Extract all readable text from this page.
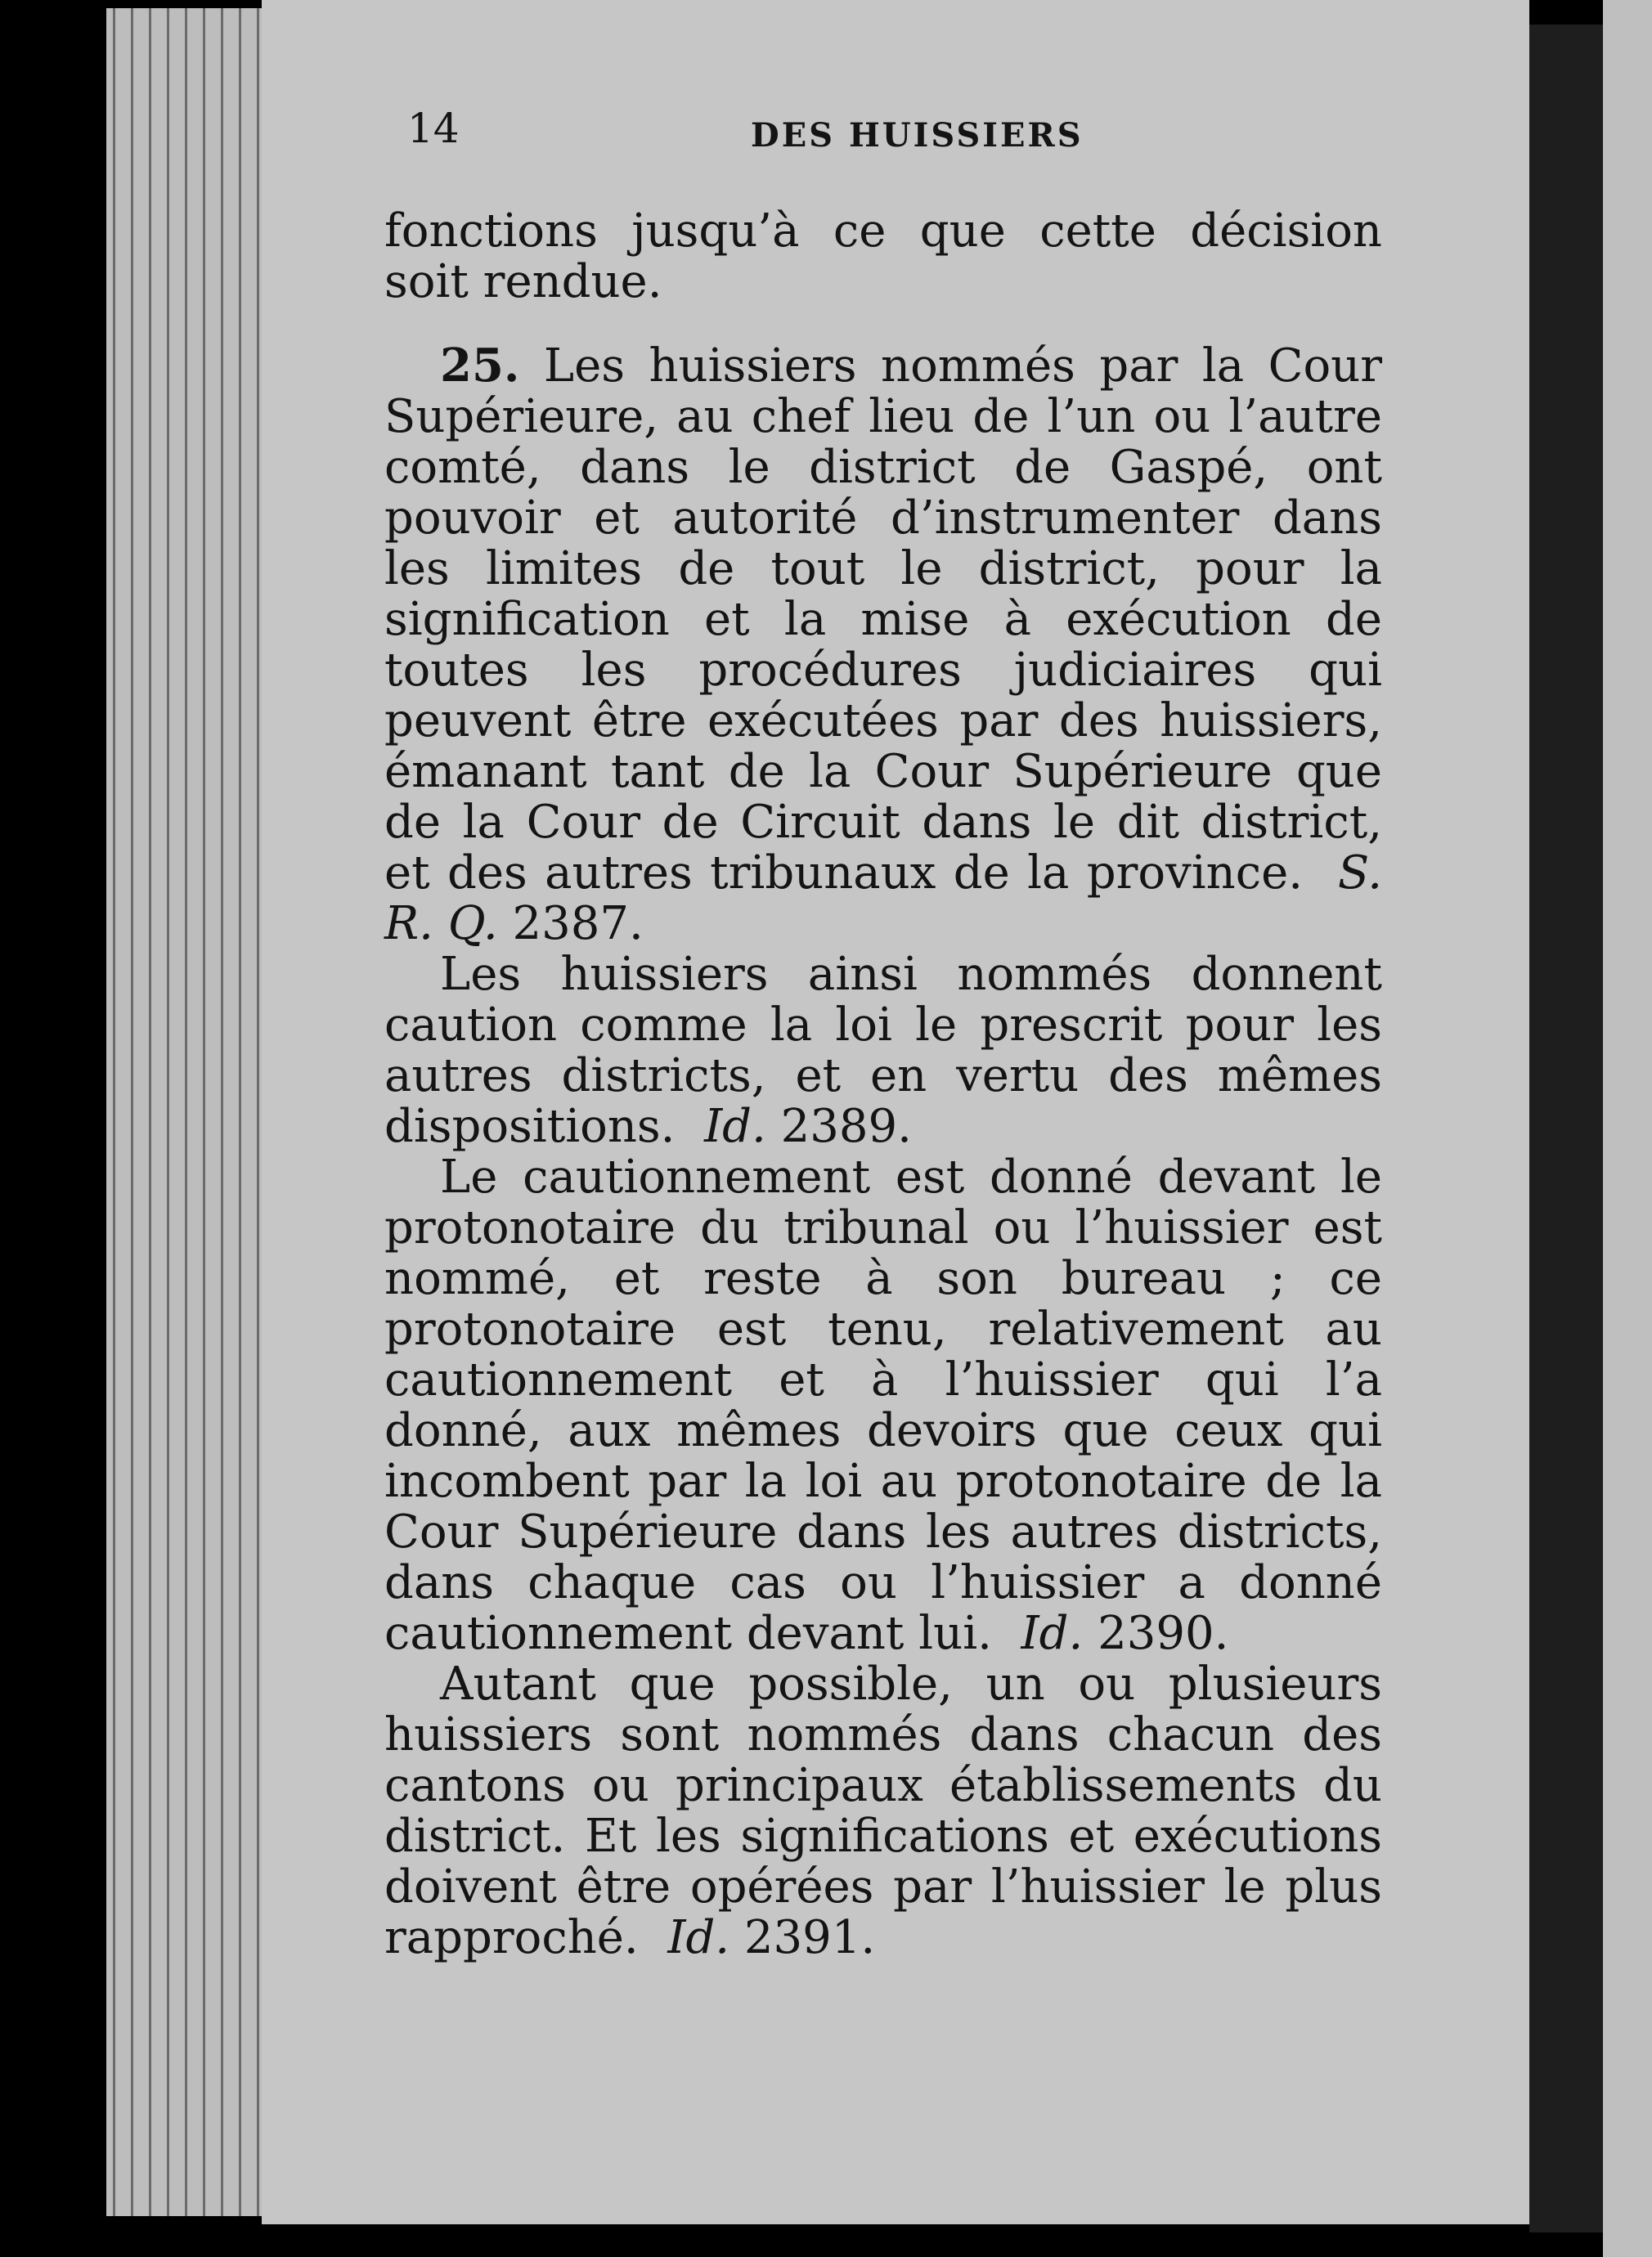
14	DES HUISSIERS

fonctions jusqu’à ce que cette décision soit rendue.

25. Les huissiers nommés par la Cour Supérieure, au chef lieu de l’un ou l’autre comté, dans le district de Gaspé, ont pouvoir et autorité d’instrumenter dans les limites de tout le district, pour la signification et la mise à exécution de toutes les procédures judiciaires qui peuvent être exécutées par des huissiers, émanant tant de la Cour Supérieure que de la Cour de Circuit dans le dit district, et des autres tribunaux de la province. S. R. Q. 2387.

Les huissiers ainsi nommés donnent caution comme la loi le prescrit pour les autres districts, et en vertu des mêmes dispositions. Id. 2389.

Le cautionnement est donné devant le protonotaire du tribunal ou l’huissier est nommé, et reste à son bureau ; ce protonotaire est tenu, relativement au cautionnement et à l’huissier qui l’a donné, aux mêmes devoirs que ceux qui incombent par la loi au protonotaire de la Cour Supérieure dans les autres districts, dans chaque cas ou l’huissier a donné cautionnement devant lui. Id. 2390.

Autant que possible, un ou plusieurs huissiers sont nommés dans chacun des cantons ou principaux établissements du district. Et les significations et exécutions doivent être opérées par l’huissier le plus rapproché. Id. 2391.
